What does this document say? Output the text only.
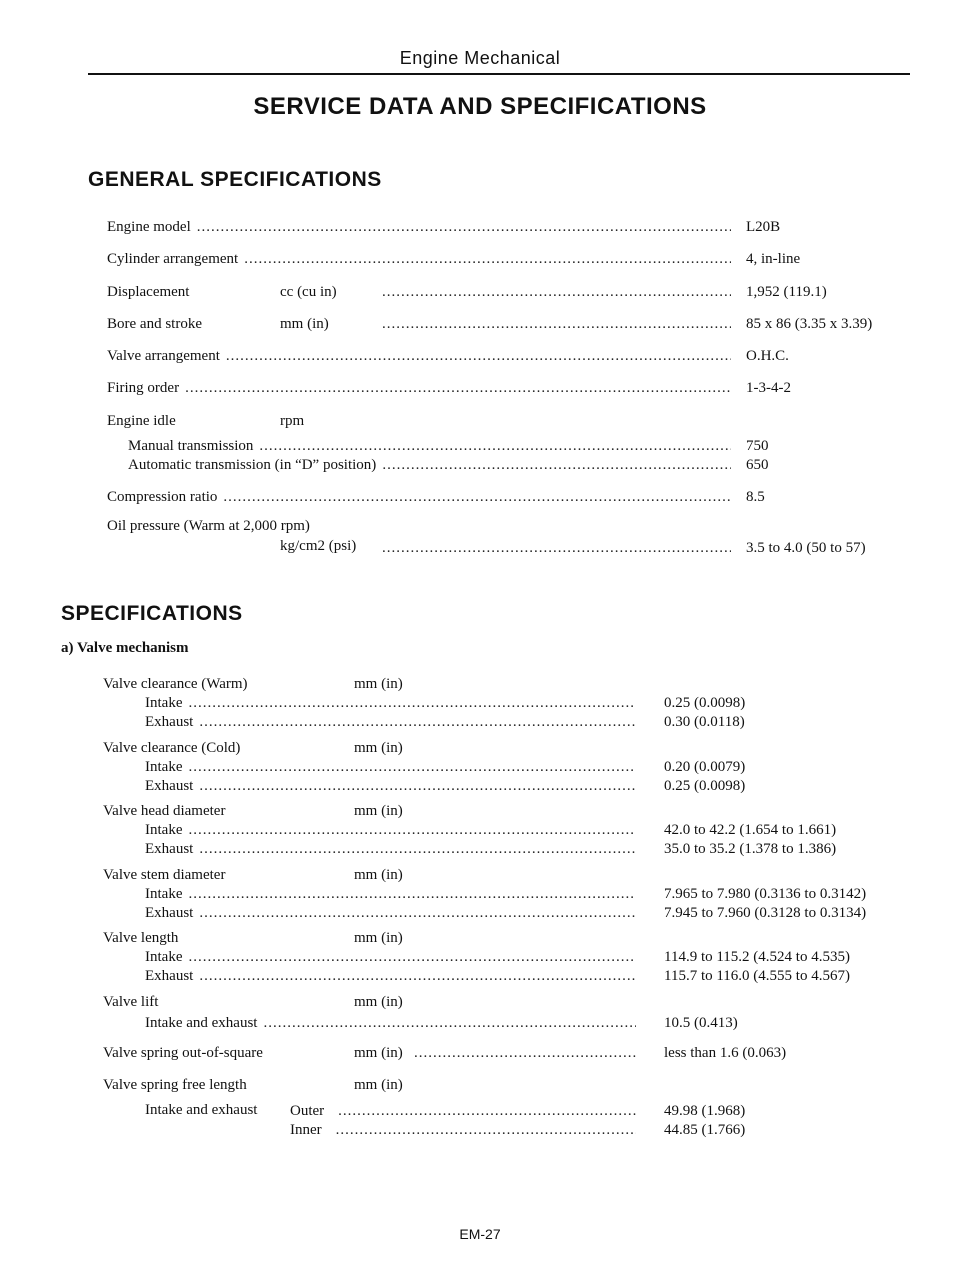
Engine Mechanical
SERVICE DATA AND SPECIFICATIONS
GENERAL SPECIFICATIONS
Engine model .....	L20B
Cylinder arrangement .....	4, in-line
Displacement	cc (cu in) .....	1,952 (119.1)
Bore and stroke	mm (in) .....	85 x 86 (3.35 x 3.39)
Valve arrangement .....	O.H.C.
Firing order .....	1-3-4-2
Engine idle	rpm
Manual transmission .....	750
Automatic transmission (in “D” position) .....	650
Compression ratio .....	8.5
Oil pressure (Warm at 2,000 rpm)
kg/cm2 (psi) .....	3.5 to 4.0 (50 to 57)
SPECIFICATIONS
a) Valve mechanism
Valve clearance (Warm)	mm (in)
Intake .....	0.25 (0.0098)
Exhaust .....	0.30 (0.0118)
Valve clearance (Cold)	mm (in)
Intake .....	0.20 (0.0079)
Exhaust .....	0.25 (0.0098)
Valve head diameter	mm (in)
Intake .....	42.0 to 42.2 (1.654 to 1.661)
Exhaust .....	35.0 to 35.2 (1.378 to 1.386)
Valve stem diameter	mm (in)
Intake .....	7.965 to 7.980 (0.3136 to 0.3142)
Exhaust .....	7.945 to 7.960 (0.3128 to 0.3134)
Valve length	mm (in)
Intake .....	114.9 to 115.2 (4.524 to 4.535)
Exhaust .....	115.7 to 116.0 (4.555 to 4.567)
Valve lift	mm (in)
Intake and exhaust .....	10.5 (0.413)
Valve spring out-of-square	mm (in) .....	less than 1.6 (0.063)
Valve spring free length	mm (in)
Intake and exhaust Outer .....	49.98 (1.968)
Inner .....	44.85 (1.766)
EM-27
